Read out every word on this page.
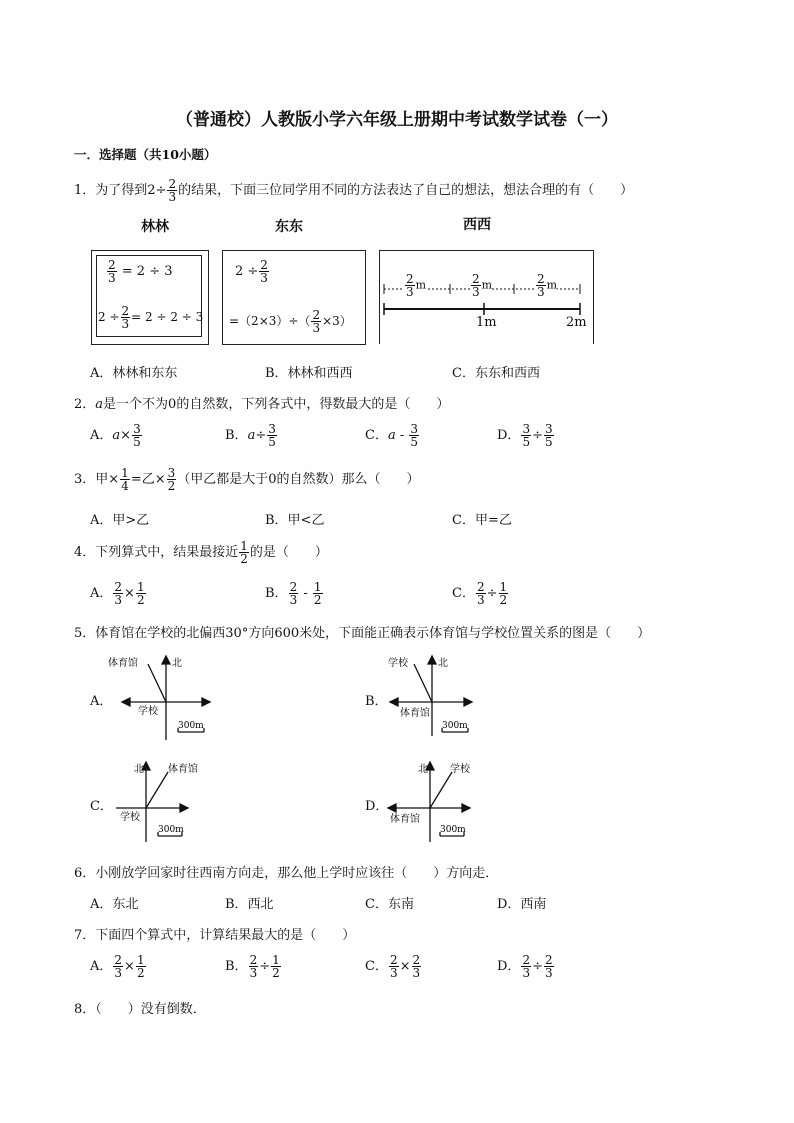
（普通校）人教版小学六年级上册期中考试数学试卷（一）
一．选择题（共10小题）
1．为了得到$2\div \frac{2}{3}$ 的结果，下面三位同学用不同的方法表达了自己的想法，想法合理的有（　　）
林林
$\frac{2}{3} = 2 \div 3$
$2 \div \frac{2}{3} = 2 \div 2 \div 3$
东东
$2 \div \frac{2}{3}$
$=(2\times 3)\div( \frac{2}{3} \times 3)$
西西
$\frac{2}{3}$ m	$\frac{2}{3}$ m	$\frac{2}{3}$ m
1m	2m
A．林林和东东	B．林林和西西	C．东东和西西
2．a是一个不为0的自然数，下列各式中，得数最大的是（　　）
A．$a\times \frac{3}{5}$	B．$a\div \frac{3}{5}$	C．a - $\frac{3}{5}$	D． $\frac{3}{5} \div \frac{3}{5}$
3．甲× $\frac{1}{4}$ =乙× $\frac{3}{2}$ （甲乙都是大于0的自然数）那么（　　）
A．甲>乙	B．甲<乙	C．甲=乙
4．下列算式中，结果最接近 $\frac{1}{2}$ 的是（　　）
A． $\frac{2}{3} \times \frac{1}{2}$	B． $\frac{2}{3} - \frac{1}{2}$	C． $\frac{2}{3} \div \frac{1}{2}$
5．体育馆在学校的北偏西30°方向600米处，下面能正确表示体育馆与学校位置关系的图是（　　）
A．	B．
C．	D．
北
体育馆
学校
300m
北
学校
体育馆
300m
北 体育馆
学校
300m
北 学校
体育馆
300m
6．小刚放学回家时往西南方向走，那么他上学时应该往（　　）方向走．
A．东北	B．西北	C．东南	D．西南
7．下面四个算式中，计算结果最大的是（　　）
A． $\frac{2}{3} \times \frac{1}{2}$	B． $\frac{2}{3} \div \frac{1}{2}$	C． $\frac{2}{3} \times \frac{2}{3}$	D． $\frac{2}{3} \div \frac{2}{3}$
8．（　　）没有倒数．
